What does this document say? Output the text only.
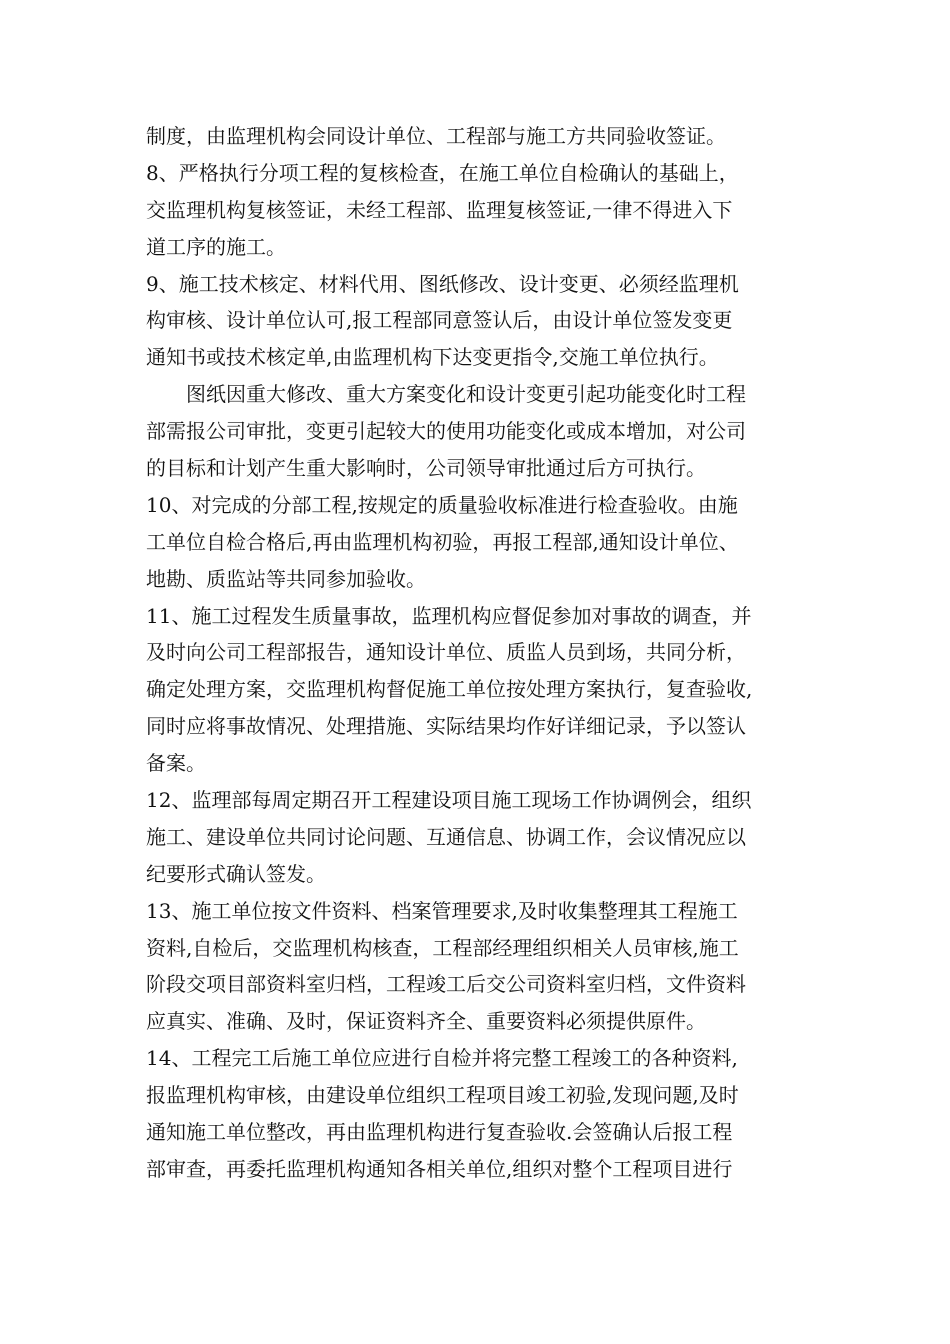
制度，由监理机构会同设计单位、工程部与施工方共同验收签证。
8、严格执行分项工程的复核检查，在施工单位自检确认的基础上，
交监理机构复核签证，未经工程部、监理复核签证,一律不得进入下
道工序的施工。
9、施工技术核定、材料代用、图纸修改、设计变更、必须经监理机
构审核、设计单位认可,报工程部同意签认后，由设计单位签发变更
通知书或技术核定单,由监理机构下达变更指令,交施工单位执行。
图纸因重大修改、重大方案变化和设计变更引起功能变化时工程
部需报公司审批，变更引起较大的使用功能变化或成本增加，对公司
的目标和计划产生重大影响时，公司领导审批通过后方可执行。
10、对完成的分部工程,按规定的质量验收标准进行检查验收。由施
工单位自检合格后,再由监理机构初验，再报工程部,通知设计单位、
地勘、质监站等共同参加验收。
11、施工过程发生质量事故，监理机构应督促参加对事故的调查，并
及时向公司工程部报告，通知设计单位、质监人员到场，共同分析，
确定处理方案，交监理机构督促施工单位按处理方案执行，复查验收,
同时应将事故情况、处理措施、实际结果均作好详细记录，予以签认
备案。
12、监理部每周定期召开工程建设项目施工现场工作协调例会，组织
施工、建设单位共同讨论问题、互通信息、协调工作，会议情况应以
纪要形式确认签发。
13、施工单位按文件资料、档案管理要求,及时收集整理其工程施工
资料,自检后，交监理机构核查，工程部经理组织相关人员审核,施工
阶段交项目部资料室归档，工程竣工后交公司资料室归档，文件资料
应真实、准确、及时，保证资料齐全、重要资料必须提供原件。
14、工程完工后施工单位应进行自检并将完整工程竣工的各种资料,
报监理机构审核，由建设单位组织工程项目竣工初验,发现问题,及时
通知施工单位整改，再由监理机构进行复查验收.会签确认后报工程
部审查，再委托监理机构通知各相关单位,组织对整个工程项目进行
